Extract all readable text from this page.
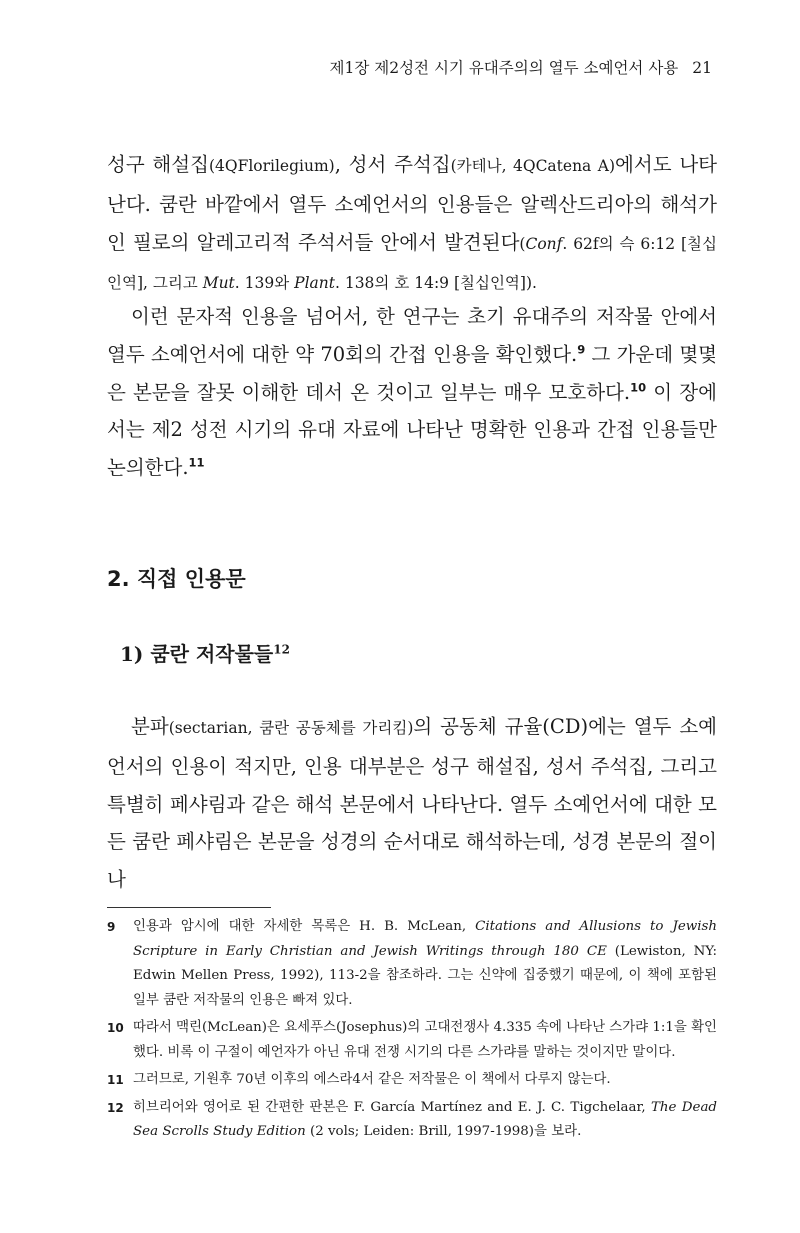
제1장 제2성전 시기 유대주의의 열두 소예언서 사용 21
성구 해설집(4QFlorilegium), 성서 주석집(카테나, 4QCatena A)에서도 나타난다. 쿰란 바깥에서 열두 소예언서의 인용들은 알렉산드리아의 해석가인 필로의 알레고리적 주석서들 안에서 발견된다(Conf. 62f의 슥 6:12 [칠십인역], 그리고 Mut. 139와 Plant. 138의 호 14:9 [칠십인역]).
이런 문자적 인용을 넘어서, 한 연구는 초기 유대주의 저작물 안에서 열두 소예언서에 대한 약 70회의 간접 인용을 확인했다.$^9$ 그 가운데 몇몇은 본문을 잘못 이해한 데서 온 것이고 일부는 매우 모호하다.$^{10}$ 이 장에서는 제2 성전 시기의 유대 자료에 나타난 명확한 인용과 간접 인용들만 논의한다.$^{11}$
2. 직접 인용문
1) 쿰란 저작물들$^{12}$
분파(sectarian, 쿰란 공동체를 가리킴)의 공동체 규율(CD)에는 열두 소예언서의 인용이 적지만, 인용 대부분은 성구 해설집, 성서 주석집, 그리고 특별히 페샤림과 같은 해석 본문에서 나타난다. 열두 소예언서에 대한 모든 쿰란 페샤림은 본문을 성경의 순서대로 해석하는데, 성경 본문의 절이나
9	인용과 암시에 대한 자세한 목록은 H. B. McLean, Citations and Allusions to Jewish Scripture in Early Christian and Jewish Writings through 180 CE (Lewiston, NY: Edwin Mellen Press, 1992), 113-2을 참조하라. 그는 신약에 집중했기 때문에, 이 책에 포함된 일부 쿰란 저작물의 인용은 빠져 있다.
10 따라서 맥린(McLean)은 요세푸스(Josephus)의 고대전쟁사 4.335 속에 나타난 스가랴 1:1을 확인했다. 비록 이 구절이 예언자가 아닌 유대 전쟁 시기의 다른 스가랴를 말하는 것이지만 말이다.
11 그러므로, 기원후 70년 이후의 에스라4서 같은 저작물은 이 책에서 다루지 않는다.
12 히브리어와 영어로 된 간편한 판본은 F. García Martínez and E. J. C. Tigchelaar, The Dead Sea Scrolls Study Edition (2 vols; Leiden: Brill, 1997-1998)을 보라.
